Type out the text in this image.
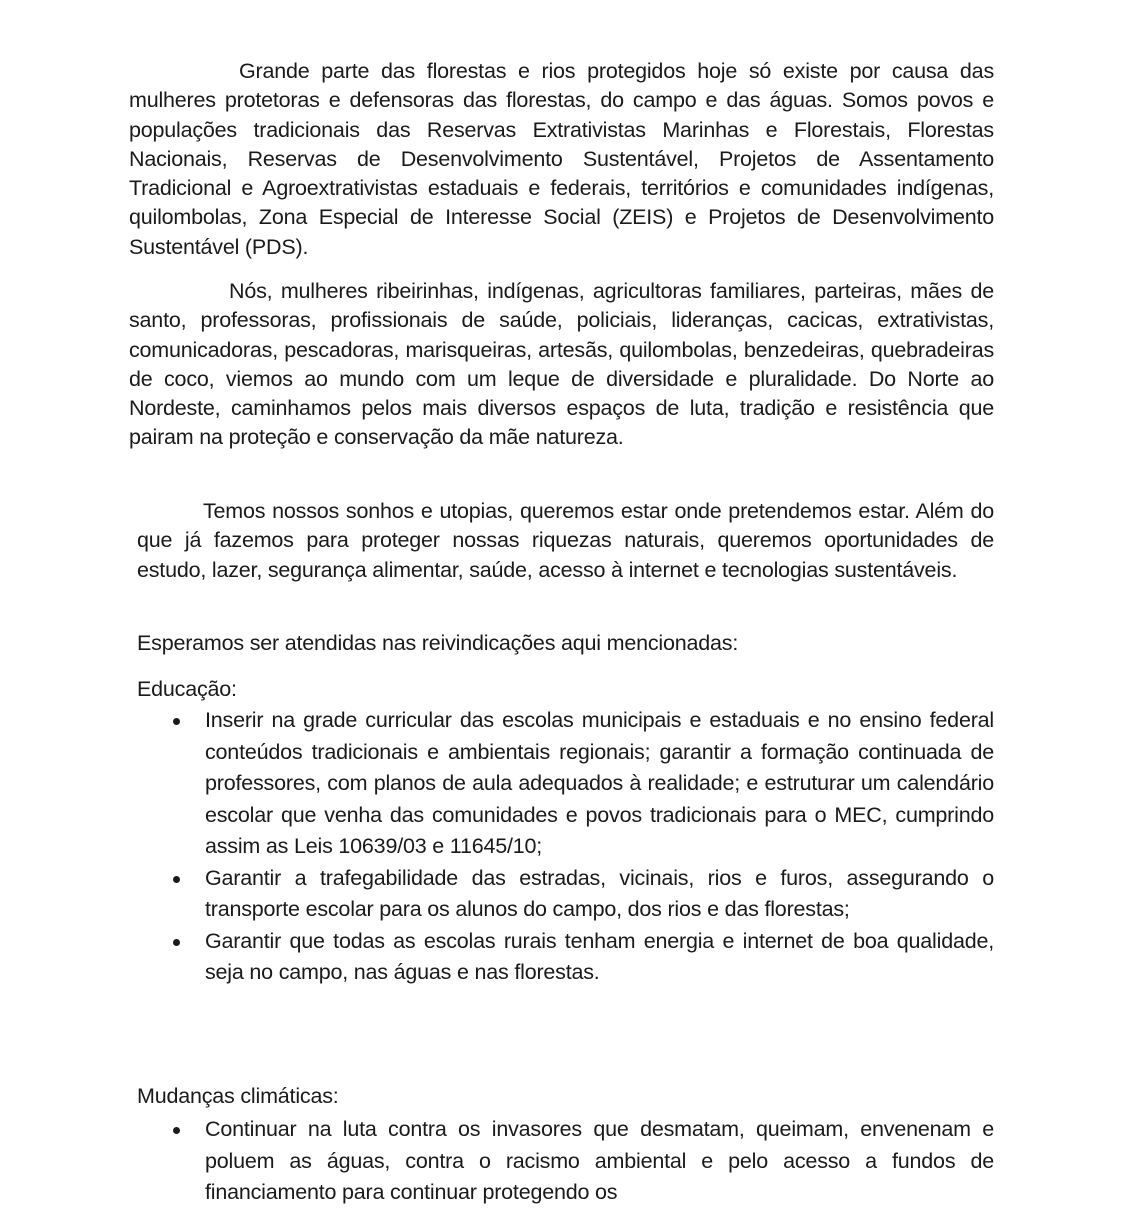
Grande parte das florestas e rios protegidos hoje só existe por causa das mulheres protetoras e defensoras das florestas, do campo e das águas. Somos povos e populações tradicionais das Reservas Extrativistas Marinhas e Florestais, Florestas Nacionais, Reservas de Desenvolvimento Sustentável, Projetos de Assentamento Tradicional e Agroextrativistas estaduais e federais, territórios e comunidades indígenas, quilombolas, Zona Especial de Interesse Social (ZEIS) e Projetos de Desenvolvimento Sustentável (PDS).

Nós, mulheres ribeirinhas, indígenas, agricultoras familiares, parteiras, mães de santo, professoras, profissionais de saúde, policiais, lideranças, cacicas, extrativistas, comunicadoras, pescadoras, marisqueiras, artesãs, quilombolas, benzedeiras, quebradeiras de coco, viemos ao mundo com um leque de diversidade e pluralidade. Do Norte ao Nordeste, caminhamos pelos mais diversos espaços de luta, tradição e resistência que pairam na proteção e conservação da mãe natureza.

Temos nossos sonhos e utopias, queremos estar onde pretendemos estar. Além do que já fazemos para proteger nossas riquezas naturais, queremos oportunidades de estudo, lazer, segurança alimentar, saúde, acesso à internet e tecnologias sustentáveis.

Esperamos ser atendidas nas reivindicações aqui mencionadas:

Educação:

Inserir na grade curricular das escolas municipais e estaduais e no ensino federal conteúdos tradicionais e ambientais regionais; garantir a formação continuada de professores, com planos de aula adequados à realidade; e estruturar um calendário escolar que venha das comunidades e povos tradicionais para o MEC, cumprindo assim as Leis 10639/03 e 11645/10;
Garantir a trafegabilidade das estradas, vicinais, rios e furos, assegurando o transporte escolar para os alunos do campo, dos rios e das florestas;
Garantir que todas as escolas rurais tenham energia e internet de boa qualidade, seja no campo, nas águas e nas florestas.

Mudanças climáticas:

Continuar na luta contra os invasores que desmatam, queimam, envenenam e poluem as águas, contra o racismo ambiental e pelo acesso a fundos de financiamento para continuar protegendo os
